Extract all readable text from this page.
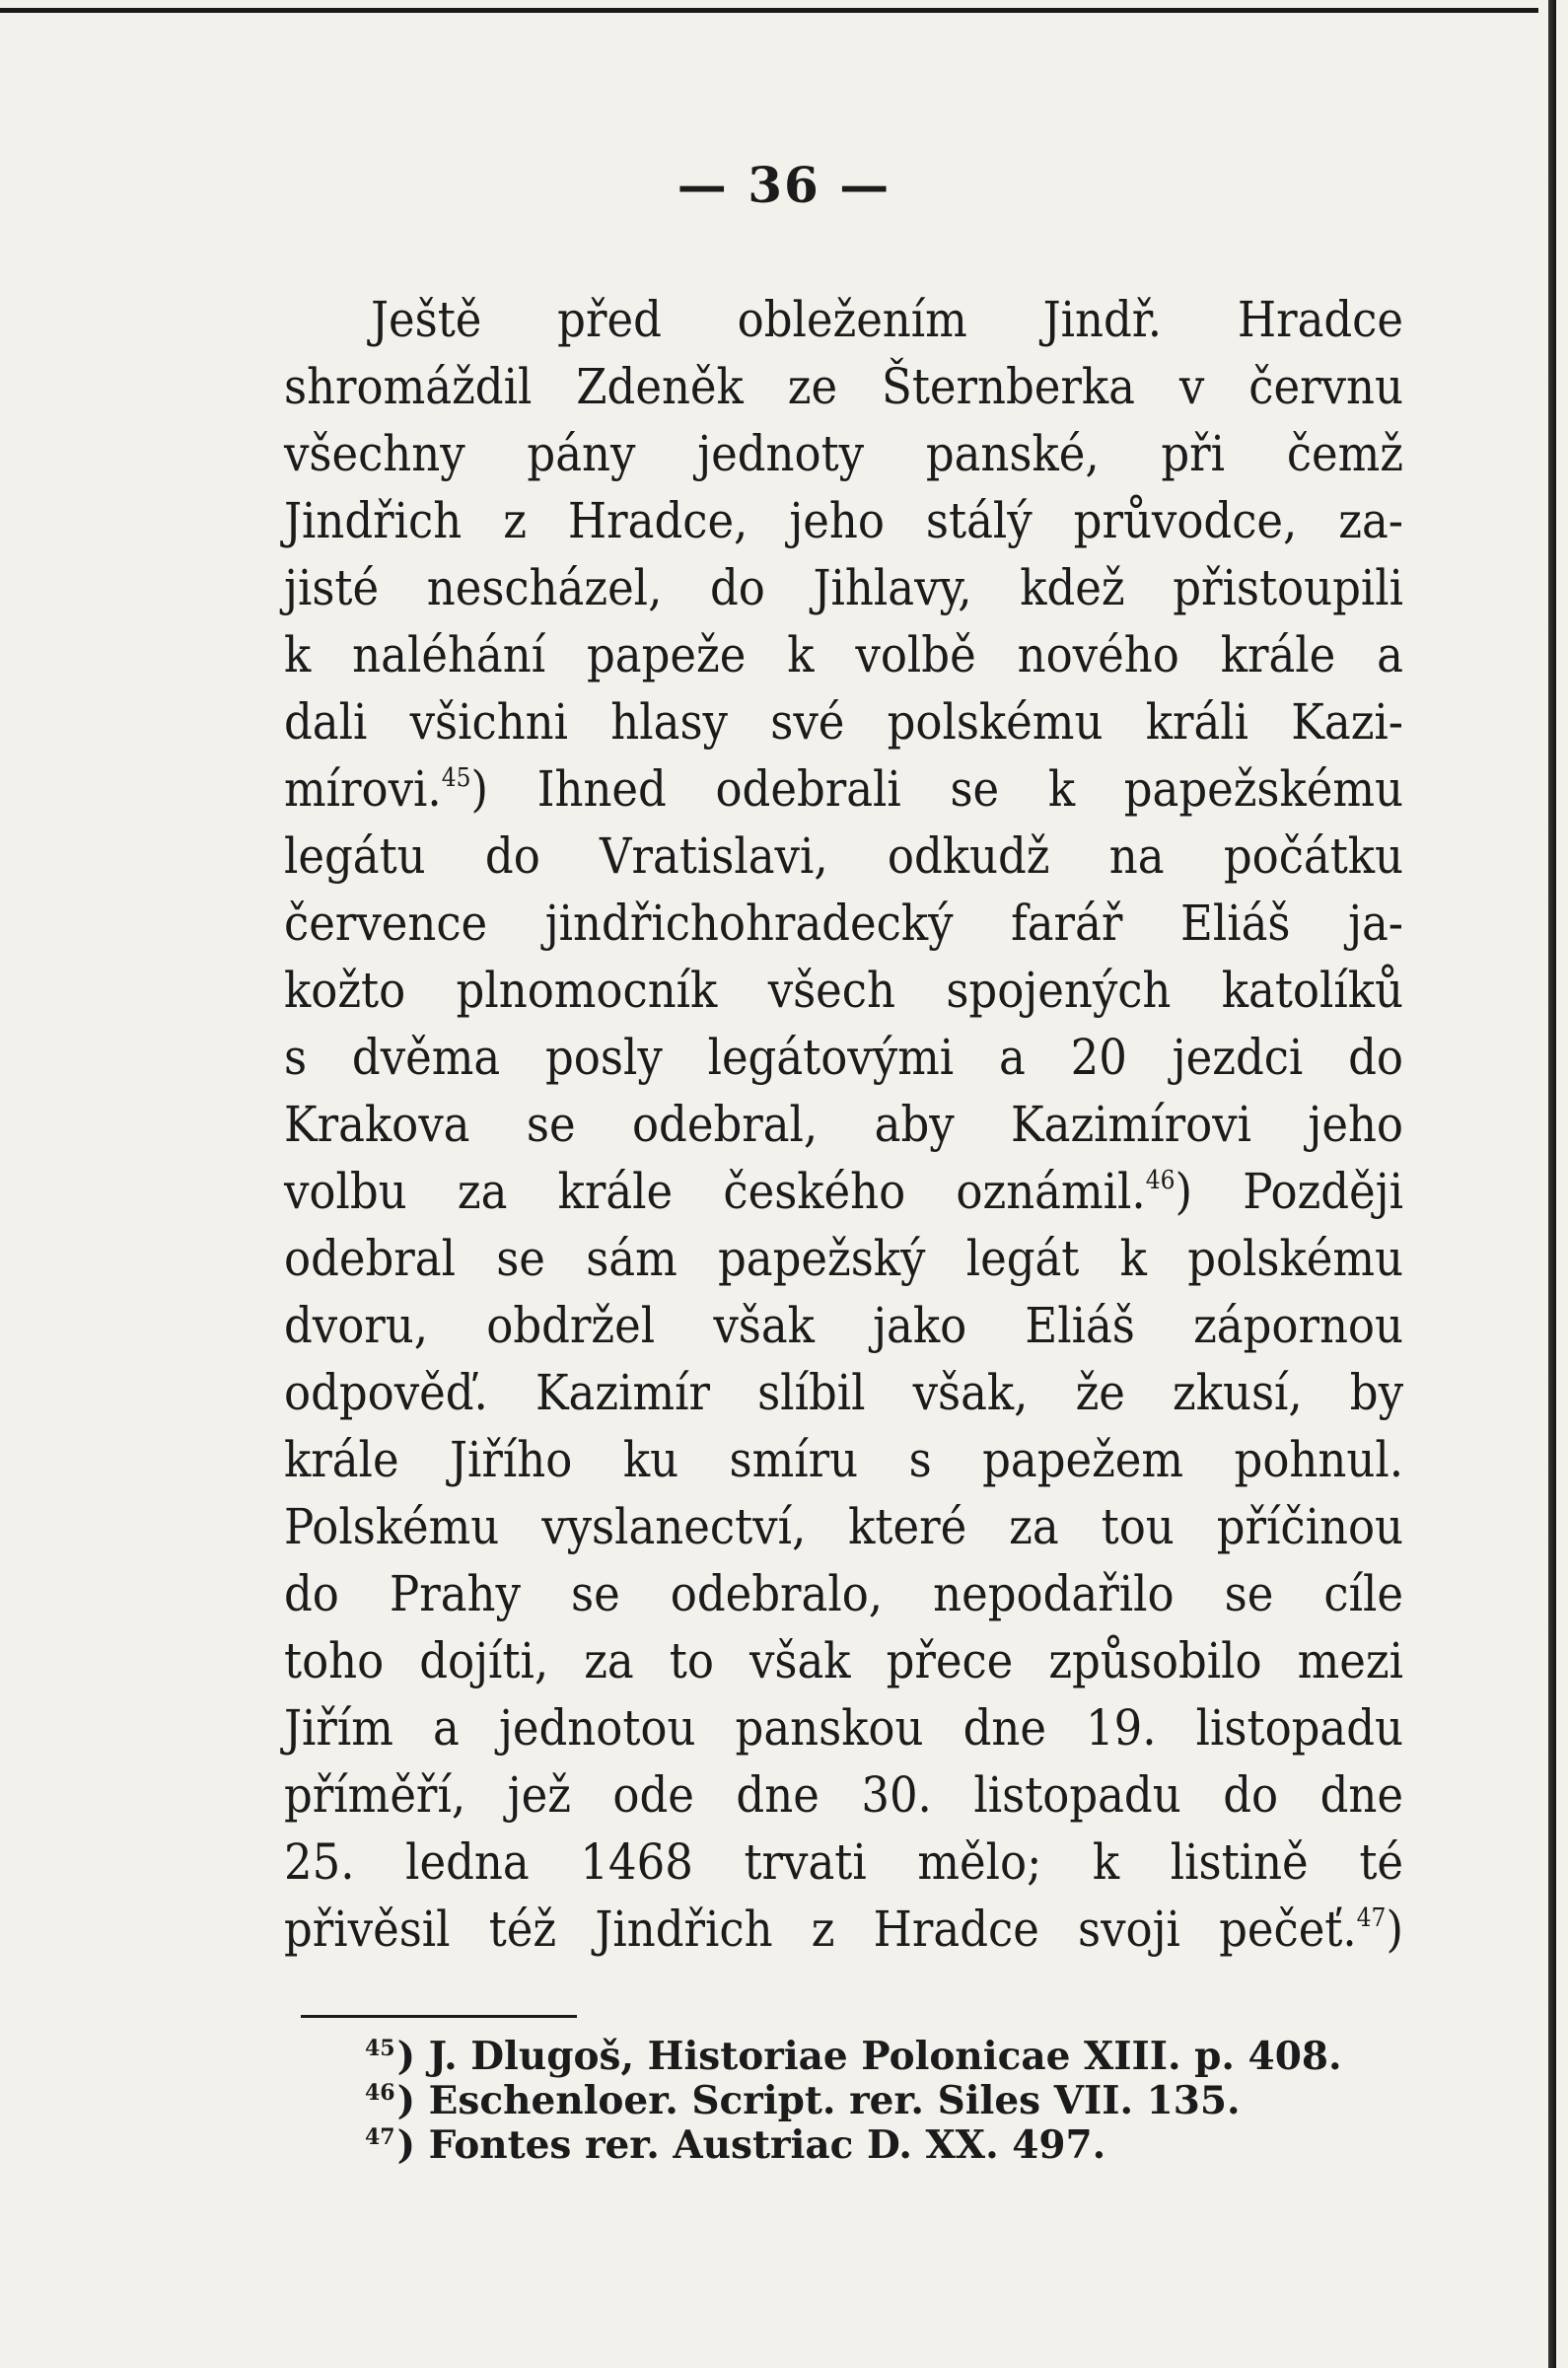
— 36 —
Ještě před obležením Jindř. Hradce
shromáždil Zdeněk ze Šternberka v červnu
všechny pány jednoty panské, při čemž
Jindřich z Hradce, jeho stálý průvodce, za-
jisté nescházel, do Jihlavy, kdež přistoupili
k naléhání papeže k volbě nového krále a
dali všichni hlasy své polskému králi Kazi-
mírovi.$^{45}$) Ihned odebrali se k papežskému
legátu do Vratislavi, odkudž na počátku
července jindřichohradecký farář Eliáš ja-
kožto plnomocník všech spojených katolíků
s dvěma posly legátovými a 20 jezdci do
Krakova se odebral, aby Kazimírovi jeho
volbu za krále českého oznámil.$^{46}$) Později
odebral se sám papežský legát k polskému
dvoru, obdržel však jako Eliáš zápornou
odpověď. Kazimír slíbil však, že zkusí, by
krále Jiřího ku smíru s papežem pohnul.
Polskému vyslanectví, které za tou příčinou
do Prahy se odebralo, nepodařilo se cíle
toho dojíti, za to však přece způsobilo mezi
Jiřím a jednotou panskou dne 19. listopadu
příměří, jež ode dne 30. listopadu do dne
25. ledna 1468 trvati mělo; k listině té
přivěsil též Jindřich z Hradce svoji pečeť.$^{47}$)
$^{45}$) J. Dlugoš, Historiae Polonicae XIII. p. 408.
$^{46}$) Eschenloer. Script. rer. Siles VII. 135.
$^{47}$) Fontes rer. Austriac D. XX. 497.
